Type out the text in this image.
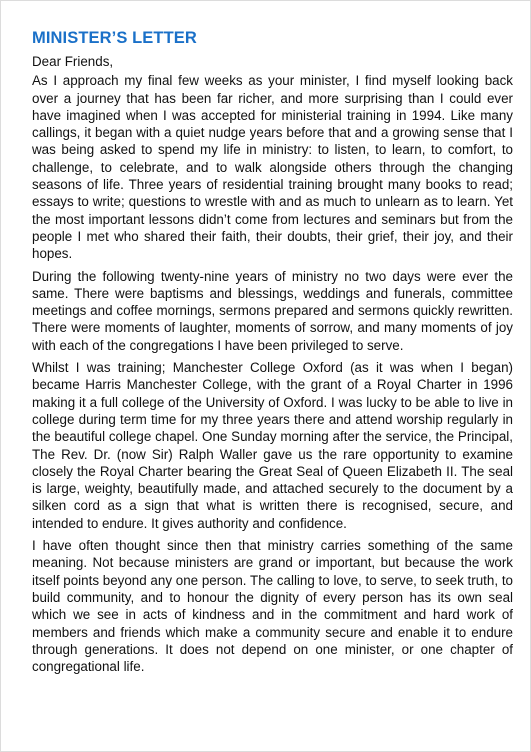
MINISTER’S LETTER

Dear Friends,

As I approach my final few weeks as your minister, I find myself looking back over a journey that has been far richer, and more surprising than I could ever have imagined when I was accepted for ministerial training in 1994. Like many callings, it began with a quiet nudge years before that and a growing sense that I was being asked to spend my life in ministry: to listen, to learn, to comfort, to challenge, to celebrate, and to walk alongside others through the changing seasons of life. Three years of residential training brought many books to read; essays to write; questions to wrestle with and as much to unlearn as to learn. Yet the most important lessons didn’t come from lectures and seminars but from the people I met who shared their faith, their doubts, their grief, their joy, and their hopes.

During the following twenty-nine years of ministry no two days were ever the same. There were baptisms and blessings, weddings and funerals, committee meetings and coffee mornings, sermons prepared and sermons quickly rewritten. There were moments of laughter, moments of sorrow, and many moments of joy with each of the congregations I have been privileged to serve.

Whilst I was training; Manchester College Oxford (as it was when I began) became Harris Manchester College, with the grant of a Royal Charter in 1996 making it a full college of the University of Oxford. I was lucky to be able to live in college during term time for my three years there and attend worship regularly in the beautiful college chapel. One Sunday morning after the service, the Principal, The Rev. Dr. (now Sir) Ralph Waller gave us the rare opportunity to examine closely the Royal Charter bearing the Great Seal of Queen Elizabeth II. The seal is large, weighty, beautifully made, and attached securely to the document by a silken cord as a sign that what is written there is recognised, secure, and intended to endure. It gives authority and confidence.

I have often thought since then that ministry carries something of the same meaning. Not because ministers are grand or important, but because the work itself points beyond any one person. The calling to love, to serve, to seek truth, to build community, and to honour the dignity of every person has its own seal which we see in acts of kindness and in the commitment and hard work of members and friends which make a community secure and enable it to endure through generations. It does not depend on one minister, or one chapter of congregational life.
